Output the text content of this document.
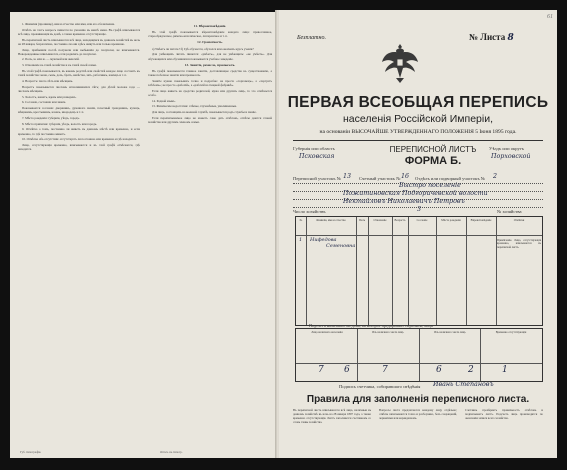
1. Фамилия (прозвище), имя и отчество или имя, или его обозначение.

Отвѣтъ на этотъ вопросъ пишется по указанію въ книгѣ имен. Въ графѣ вписываются всѣ лица, проживающія въ домѣ, а также временно отсутствующіе.

Въ переписной листъ вписываются всѣ лица, находящіяся въ данномъ хозяйствѣ въ ночь на 28 января, безразлично, постоянно ли они здѣсь живутъ или только временно.

Лица, прибывшія послѣ полуночи или выбывшія до полуночи, не вписываются. Новорожденные вписываются, если родились до полуночи.

2. Полъ, м. или ж. — мужской или женскій.

3. Отношеніе къ главѣ хозяйства и къ главѣ своей семьи.

Въ этой графѣ показывается, въ какомъ родствѣ или свойствѣ каждое лицо состоитъ къ главѣ хозяйства: жена, сынъ, дочь, братъ, невѣстка, зять, работникъ, жилецъ и т. п.

4. Возрастъ: число лѣтъ или мѣсяцевъ.

Возрастъ показывается числомъ исполнившихся лѣтъ; для дѣтей моложе года — числомъ мѣсяцевъ.

5. Холостъ, женатъ, вдовъ или разведенъ.

6. Сословіе, состояніе или званіе.

Показывается сословіе: дворянинъ, духовнаго званія, почетный гражданинъ, купецъ, мѣщанинъ, крестьянинъ, казакъ, инородецъ и т. п.

7. Мѣсто рожденія: губернія, уѣздъ, городъ.

8. Мѣсто приписки: губернія, уѣздъ, волость или городъ.

9. Отмѣтка о томъ, постоянно ли живетъ въ данномъ мѣстѣ или временно, и если временно, то гдѣ постоянно живетъ.

10. Отмѣтка объ отсутствіи: отсутствуетъ ли постоянно или временно и гдѣ находится.

Лица, отсутствующія временно, вписываются и въ этой графѣ отмѣчается, гдѣ находятся.

11. Вѣроисповѣданіе.

Въ этой графѣ показывается вѣроисповѣданіе каждаго лица: православное, старообрядческое, римско-католическое, лютеранское и т. п.

12. Грамотность.

а) Умѣетъ ли читать? б) Гдѣ обучается, обучался или окончилъ курсъ ученія?

Для умѣющихъ читать пишется: «умѣетъ», для не умѣющихъ: «не умѣетъ». Для обучающихся или обучавшихся показывается учебное заведеніе.

13. Занятіе, ремесло, промыселъ.

Въ графѣ показывается главное занятіе, доставляющее средства къ существованію, а также побочное занятіе или промыселъ.

Занятіе нужно показывать точно и подробно: не просто «торговецъ», а «торгуетъ хлѣбомъ»; не просто «рабочій», а «рабочій на ткацкой фабрикѣ».

Если лицо живетъ на средства родителей, мужа или другихъ лицъ, то это отмѣчается особо.

14. Родной языкъ.

15. Физическіе недостатки: слѣпые, глухонѣмые, умалишенные.

Для лицъ, состоящихъ на военной службѣ, показывается родъ службы и званіе.

Если переписываемое лицо не можетъ само дать отвѣтовъ, отвѣты даются главой хозяйства или другимъ членомъ семьи.

Губ. типографія.	Отпеч. въ типогр.
61
Безплатно.	№ Листа 8
ПЕРВАЯ ВСЕОБЩАЯ ПЕРЕПИСЬ
населенія Россійской Имперіи,
на основаніи ВЫСОЧАЙШЕ УТВЕРЖДЕННАГО ПОЛОЖЕНІЯ 5 Іюня 1895 года.
Губернія или область
Псковская
ПЕРЕПИСНОЙ ЛИСТЪ
ФОРМА Б.
Уѣздъ или округъ
Порховской
Переписной участокъ № 13 Счетный участокъ № 16 Отдѣлъ или подворный участокъ № 2
Быстро поселеніе
Пожатиновская Подгоричевской волости
Нектайловъ Николаевичъ Петровъ
Число хозяйствъ	3	№ хозяйства
№	Фамилія, имя и отчество	Полъ	Отношеніе	Возрастъ	Сословіе	Мѣсто рожденія	Вѣроисповѣданіе	Отмѣтки
1 Нифедова
Семеновна
Примѣчаніе. Лица, отсутствующія временно, вписываются въ переписной листъ.
Подсчетъ наличнаго на день, въ которое предприняте переписи, лицъ
Лица наличнаго населенія	Изъ наличнаго числа лицъ	Изъ наличнаго числа лицъ	Временно отсутствующія
7 6	7	6	2	1
Подпись счетчика, собиравшаго свѣдѣнія Ивань Степановъ
Правила для заполненія переписного листа.
Въ переписной листъ вписываются всѣ лица, наличныя въ данномъ хозяйствѣ въ ночь на 28 января 1897 года, а также временно отсутствующія. Листъ заполняется счетчикомъ со словъ главы хозяйства.
Вопросы листа предлагаются каждому лицу отдѣльно; отвѣты записываются точно и разборчиво, безъ сокращеній, чернилами или карандашомъ.
Счетчикъ провѣряетъ правильность отвѣтовъ и подписываетъ листъ. Подсчетъ лицъ производится по окончаніи записи всего хозяйства.
